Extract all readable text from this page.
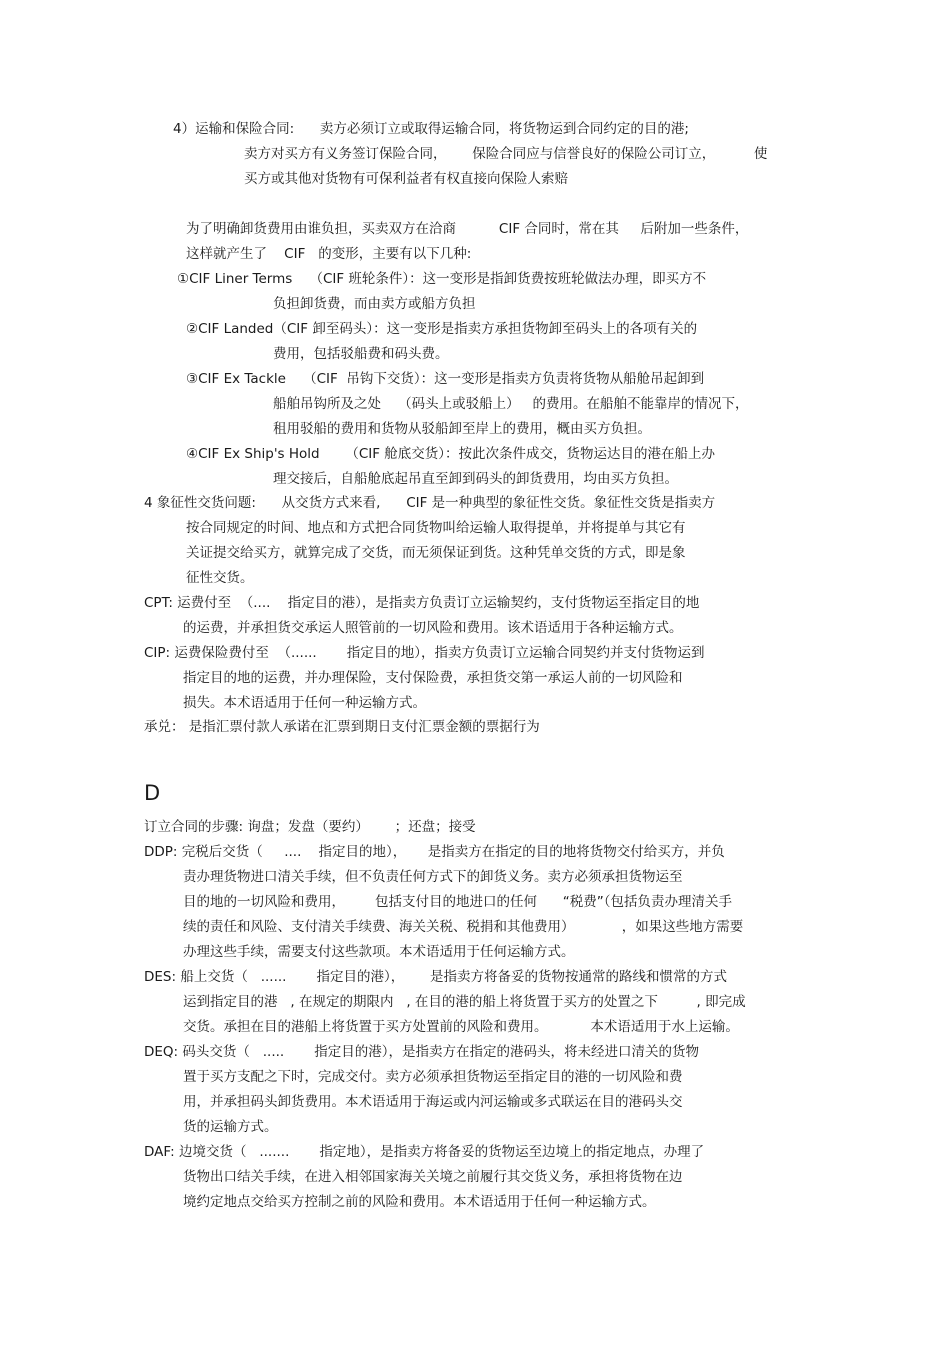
4）运输和保险合同:      卖方必须订立或取得运输合同，将货物运到合同约定的目的港;
卖方对买方有义务签订保险合同，      保险合同应与信誉良好的保险公司订立，         使
买方或其他对货物有可保利益者有权直接向保险人索赔
为了明确卸货费用由谁负担，买卖双方在洽商          CIF 合同时，常在其     后附加一些条件，
这样就产生了    CIF   的变形，主要有以下几种:
①CIF Liner Terms    （CIF 班轮条件）：这一变形是指卸货费按班轮做法办理，即买方不
负担卸货费，而由卖方或船方负担
②CIF Landed（CIF 卸至码头）：这一变形是指卖方承担货物卸至码头上的各项有关的
费用，包括驳船费和码头费。
③CIF Ex Tackle    （CIF  吊钩下交货）：这一变形是指卖方负责将货物从船舱吊起卸到
船舶吊钩所及之处    （码头上或驳船上）   的费用。在船舶不能靠岸的情况下，
租用驳船的费用和货物从驳船卸至岸上的费用，概由买方负担。
④CIF Ex Ship's Hold      （CIF 舱底交货）：按此次条件成交，货物运达目的港在船上办
理交接后，自船舱底起吊直至卸到码头的卸货费用，均由买方负担。
4 象征性交货问题:      从交货方式来看,      CIF 是一种典型的象征性交货。象征性交货是指卖方
按合同规定的时间、地点和方式把合同货物叫给运输人取得提单，并将提单与其它有
关证提交给买方，就算完成了交货，而无须保证到货。这种凭单交货的方式，即是象
征性交货。
CPT: 运费付至  （....    指定目的港），是指卖方负责订立运输契约，支付货物运至指定目的地
的运费，并承担货交承运人照管前的一切风险和费用。该术语适用于各种运输方式。
CIP: 运费保险费付至  （......       指定目的地），指卖方负责订立运输合同契约并支付货物运到
指定目的地的运费，并办理保险，支付保险费，承担货交第一承运人前的一切风险和
损失。本术语适用于任何一种运输方式。
承兑： 是指汇票付款人承诺在汇票到期日支付汇票金额的票据行为
D
订立合同的步骤: 询盘；发盘（要约）      ；还盘；接受
DDP: 完税后交货（     ....    指定目的地），     是指卖方在指定的目的地将货物交付给买方，并负
责办理货物进口清关手续，但不负责任何方式下的卸货义务。卖方必须承担货物运至
目的地的一切风险和费用，       包括支付目的地进口的任何      “税费”（包括负责办理清关手
续的责任和风险、支付清关手续费、海关关税、税捐和其他费用）           ，如果这些地方需要
办理这些手续，需要支付这些款项。本术语适用于任何运输方式。
DES: 船上交货（   ......       指定目的港），      是指卖方将备妥的货物按通常的路线和惯常的方式
运到指定目的港   , 在规定的期限内   , 在目的港的船上将货置于买方的处置之下         , 即完成
交货。承担在目的港船上将货置于买方处置前的风险和费用。          本术语适用于水上运输。
DEQ: 码头交货（   .....       指定目的港），是指卖方在指定的港码头，将未经进口清关的货物
置于买方支配之下时，完成交付。卖方必须承担货物运至指定目的港的一切风险和费
用，并承担码头卸货费用。本术语适用于海运或内河运输或多式联运在目的港码头交
货的运输方式。
DAF: 边境交货（   .......       指定地），是指卖方将备妥的货物运至边境上的指定地点，办理了
货物出口结关手续，在进入相邻国家海关关境之前履行其交货义务，承担将货物在边
境约定地点交给买方控制之前的风险和费用。本术语适用于任何一种运输方式。
